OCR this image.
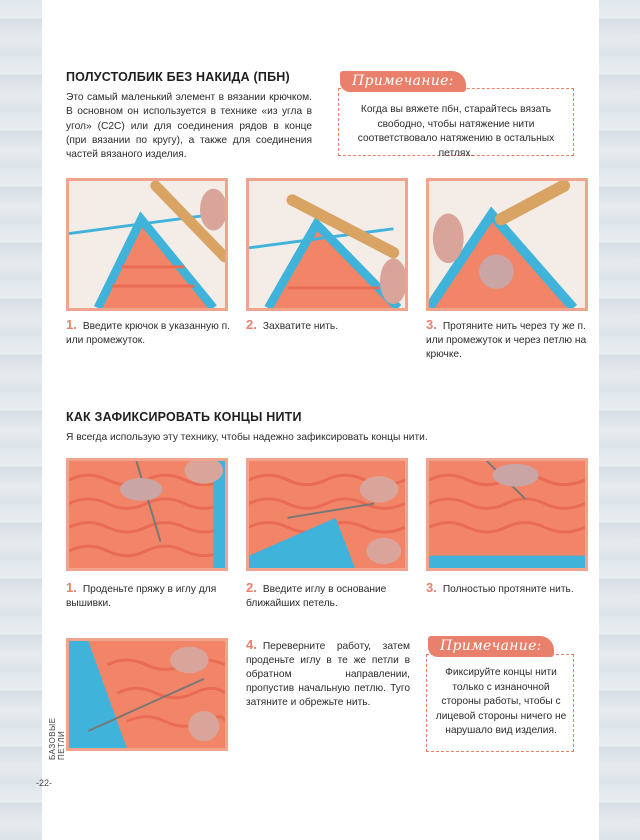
ПОЛУСТОЛБИК БЕЗ НАКИДА (ПБН)

Это самый маленький элемент в вязании крючком. В основном он используется в технике «из угла в угол» (С2С) или для соединения рядов в конце (при вязании по кругу), а также для соединения частей вязаного изделия.

Примечание:

Когда вы вяжете пбн, старайтесь вязать свободно, чтобы натяжение нити соответствовало натяжению в остальных петлях.

1. Введите крючок в указанную п. или промежуток.

2. Захватите нить.	3. Протяните нить через ту же п. или промежуток и через петлю на крючке.

КАК ЗАФИКСИРОВАТЬ КОНЦЫ НИТИ

Я всегда использую эту технику, чтобы надежно зафиксировать концы нити.

1. Проденьте пряжу в иглу для вышивки.

2. Введите иглу в основание ближайших петель.

3. Полностью протяните нить.

4. Переверните работу, затем проденьте иглу в те же петли в обратном направлении, пропустив начальную петлю. Туго затяните и обрежьте нить.

Примечание:

Фиксируйте концы нити только с изнаночной стороны работы, чтобы с лицевой стороны ничего не нарушало вид изделия.

БАЗОВЫЕ ПЕТЛИ
- 22 -
